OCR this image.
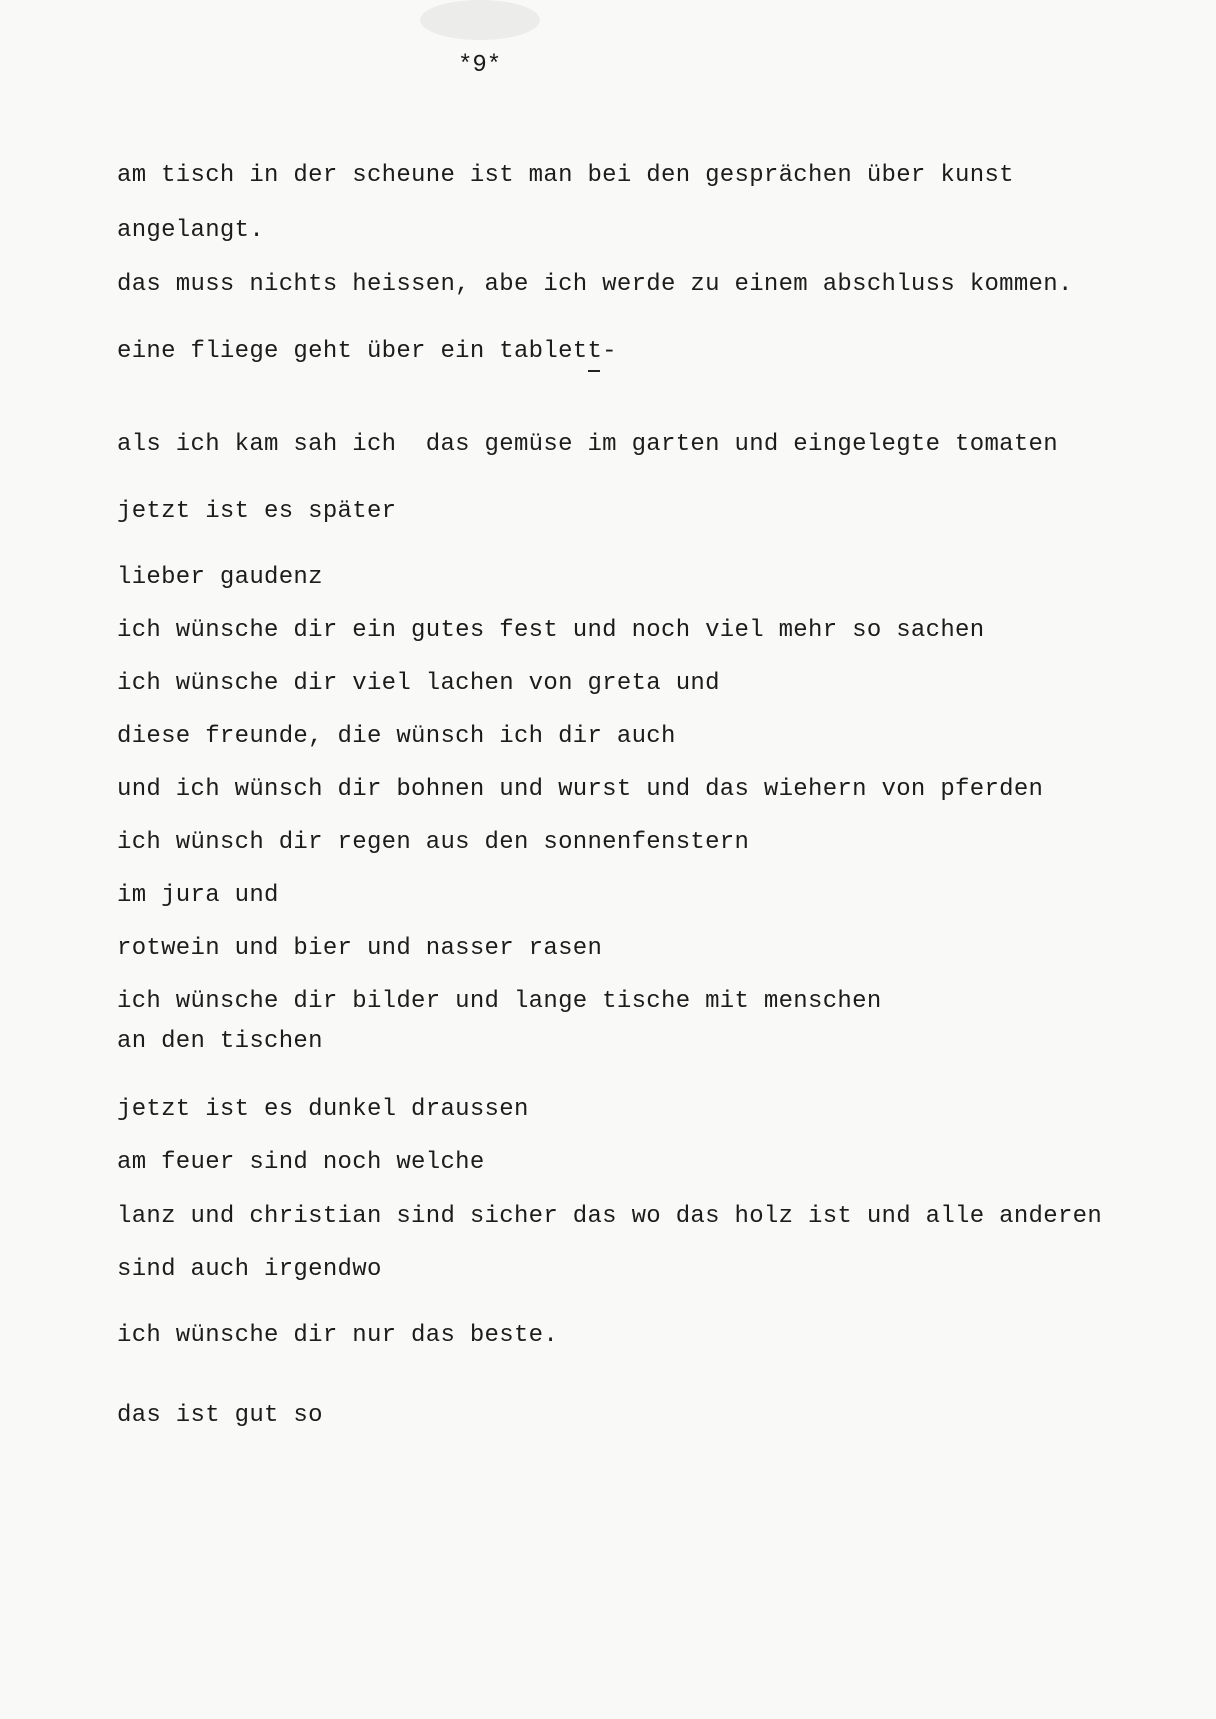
*9*

am tisch in der scheune ist man bei den gesprächen über kunst

angelangt.

das muss nichts heissen, abe ich werde zu einem abschluss kommen.

eine fliege geht über ein tablett-

als ich kam sah ich  das gemüse im garten und eingelegte tomaten

jetzt ist es später

lieber gaudenz

ich wünsche dir ein gutes fest und noch viel mehr so sachen

ich wünsche dir viel lachen von greta und

diese freunde, die wünsch ich dir auch

und ich wünsch dir bohnen und wurst und das wiehern von pferden

ich wünsch dir regen aus den sonnenfenstern

im jura und

rotwein und bier und nasser rasen

ich wünsche dir bilder und lange tische mit menschen

an den tischen

jetzt ist es dunkel draussen

am feuer sind noch welche

lanz und christian sind sicher das wo das holz ist und alle anderen

sind auch irgendwo

ich wünsche dir nur das beste.

das ist gut so
